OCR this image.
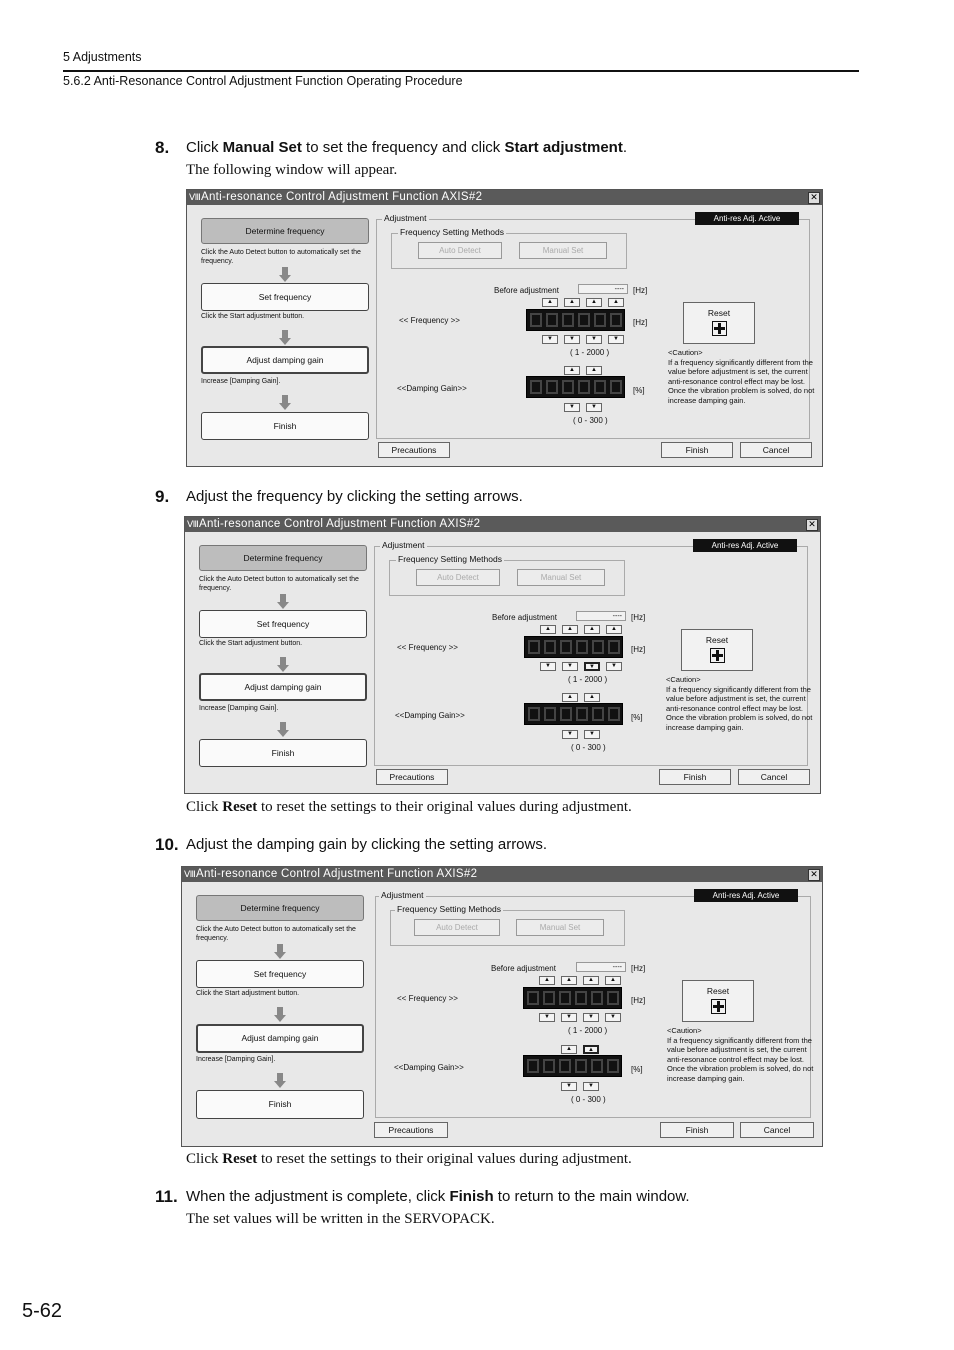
5 Adjustments
5.6.2 Anti-Resonance Control Adjustment Function Operating Procedure
8. Click Manual Set to set the frequency and click Start adjustment.
The following window will appear.
Ⅷ Anti-resonance Control Adjustment Function AXIS#2	✕
Determine frequency
Click the Auto Detect button to automatically set the frequency.
Set frequency
Click the Start adjustment button.
Adjust damping gain
Increase [Damping Gain].
Finish
Adjustment	Anti-res Adj. Active
Frequency Setting Methods
Auto Detect	Manual Set
Before adjustment	----	[Hz]
▲	▲	▲	▲
<< Frequency >>	[Hz]
▼	▼	▼	▼
( 1 - 2000 )
▲	▲
<<Damping Gain>>	[%]
▼	▼
( 0 - 300 )
Reset
<Caution>
If a frequency significantly different from the value before adjustment is set, the current anti-resonance control effect may be lost. Once the vibration problem is solved, do not increase damping gain.
Precautions	Finish	Cancel
9. Adjust the frequency by clicking the setting arrows.
Ⅷ Anti-resonance Control Adjustment Function AXIS#2	✕
Determine frequency
Click the Auto Detect button to automatically set the frequency.
Set frequency
Click the Start adjustment button.
Adjust damping gain
Increase [Damping Gain].
Finish
Adjustment	Anti-res Adj. Active
Frequency Setting Methods
Auto Detect	Manual Set
Before adjustment	----	[Hz]
▲	▲	▲	▲
<< Frequency >>	[Hz]
▼	▼	▼	▼
( 1 - 2000 )
▲	▲
<<Damping Gain>>	[%]
▼	▼
( 0 - 300 )
Reset
<Caution>
If a frequency significantly different from the value before adjustment is set, the current anti-resonance control effect may be lost. Once the vibration problem is solved, do not increase damping gain.
Precautions	Finish	Cancel
Click Reset to reset the settings to their original values during adjustment.
10. Adjust the damping gain by clicking the setting arrows.
Ⅷ Anti-resonance Control Adjustment Function AXIS#2	✕
Determine frequency
Click the Auto Detect button to automatically set the frequency.
Set frequency
Click the Start adjustment button.
Adjust damping gain
Increase [Damping Gain].
Finish
Adjustment	Anti-res Adj. Active
Frequency Setting Methods
Auto Detect	Manual Set
Before adjustment	----	[Hz]
▲	▲	▲	▲
<< Frequency >>	[Hz]
▼	▼	▼	▼
( 1 - 2000 )
▲	▲
<<Damping Gain>>	[%]
▼	▼
( 0 - 300 )
Reset
<Caution>
If a frequency significantly different from the value before adjustment is set, the current anti-resonance control effect may be lost. Once the vibration problem is solved, do not increase damping gain.
Precautions	Finish	Cancel
Click Reset to reset the settings to their original values during adjustment.
11. When the adjustment is complete, click Finish to return to the main window.
The set values will be written in the SERVOPACK.
5-62
